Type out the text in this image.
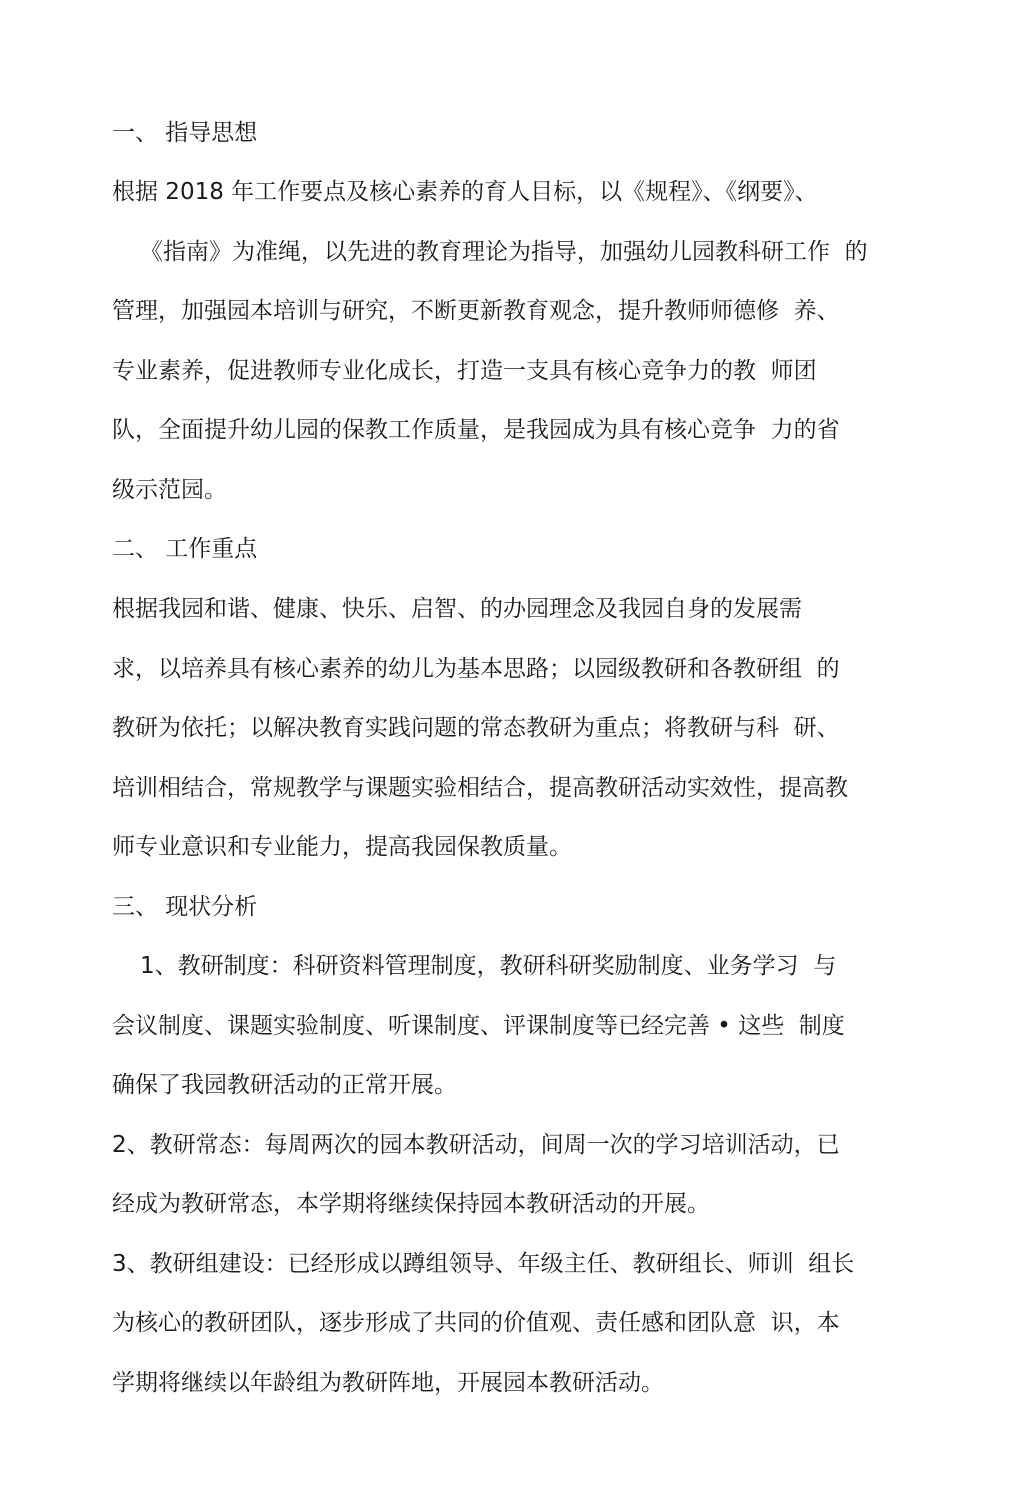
一、 指导思想
根据 2018 年工作要点及核心素养的育人目标，以《规程》、《纲要》、
《指南》为准绳，以先进的教育理论为指导，加强幼儿园教科研工作  的
管理，加强园本培训与研究，不断更新教育观念，提升教师师德修  养、
专业素养，促进教师专业化成长，打造一支具有核心竞争力的教  师团
队，全面提升幼儿园的保教工作质量，是我园成为具有核心竞争  力的省
级示范园。
二、 工作重点
根据我园和谐、健康、快乐、启智、的办园理念及我园自身的发展需
求，以培养具有核心素养的幼儿为基本思路；以园级教研和各教研组  的
教研为依托；以解决教育实践问题的常态教研为重点；将教研与科  研、
培训相结合，常规教学与课题实验相结合，提高教研活动实效性，提高教
师专业意识和专业能力，提高我园保教质量。
三、 现状分析
1、教研制度：科研资料管理制度，教研科研奖励制度、业务学习  与
会议制度、课题实验制度、听课制度、评课制度等已经完善 • 这些  制度
确保了我园教研活动的正常开展。
2、教研常态：每周两次的园本教研活动，间周一次的学习培训活动，已
经成为教研常态，本学期将继续保持园本教研活动的开展。
3、教研组建设：已经形成以蹲组领导、年级主任、教研组长、师训  组长
为核心的教研团队，逐步形成了共同的价值观、责任感和团队意  识，本
学期将继续以年龄组为教研阵地，开展园本教研活动。
